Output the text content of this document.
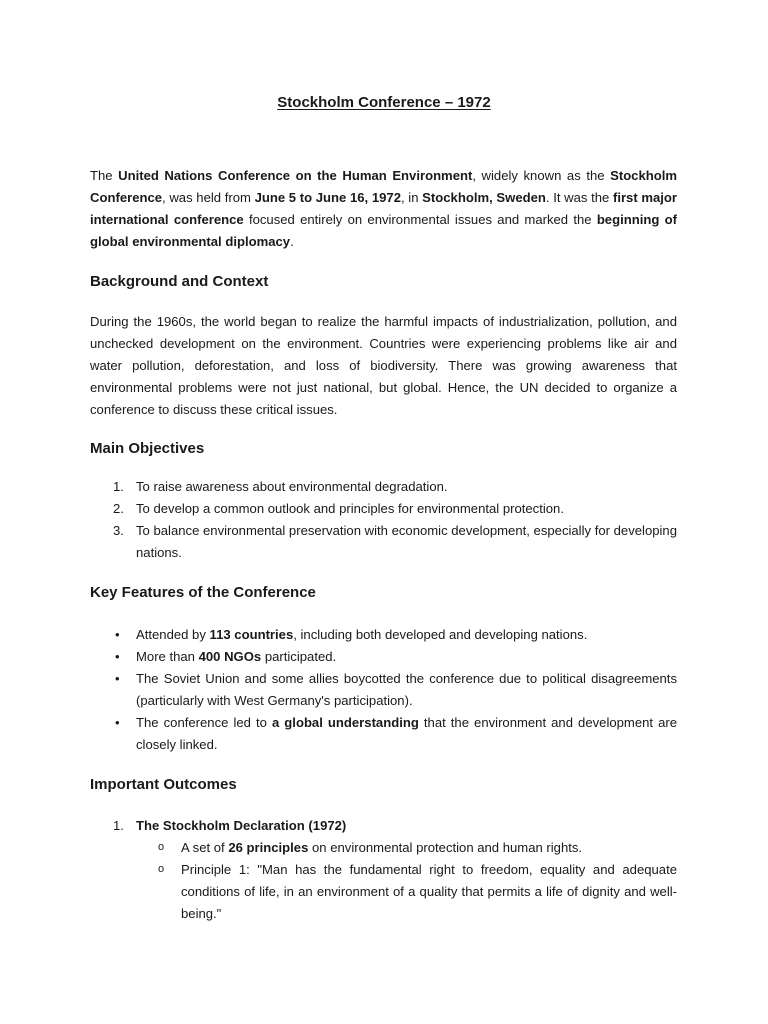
Stockholm Conference – 1972

The United Nations Conference on the Human Environment, widely known as the Stockholm Conference, was held from June 5 to June 16, 1972, in Stockholm, Sweden. It was the first major international conference focused entirely on environmental issues and marked the beginning of global environmental diplomacy.

Background and Context

During the 1960s, the world began to realize the harmful impacts of industrialization, pollution, and unchecked development on the environment. Countries were experiencing problems like air and water pollution, deforestation, and loss of biodiversity. There was growing awareness that environmental problems were not just national, but global. Hence, the UN decided to organize a conference to discuss these critical issues.

Main Objectives
1. To raise awareness about environmental degradation.
2. To develop a common outlook and principles for environmental protection.
3. To balance environmental preservation with economic development, especially for developing nations.
Key Features of the Conference
• Attended by 113 countries, including both developed and developing nations.
• More than 400 NGOs participated.
• The Soviet Union and some allies boycotted the conference due to political disagreements (particularly with West Germany's participation).
• The conference led to a global understanding that the environment and development are closely linked.
Important Outcomes
1. The Stockholm Declaration (1972)
o A set of 26 principles on environmental protection and human rights.
o Principle 1: "Man has the fundamental right to freedom, equality and adequate conditions of life, in an environment of a quality that permits a life of dignity and well-being."
